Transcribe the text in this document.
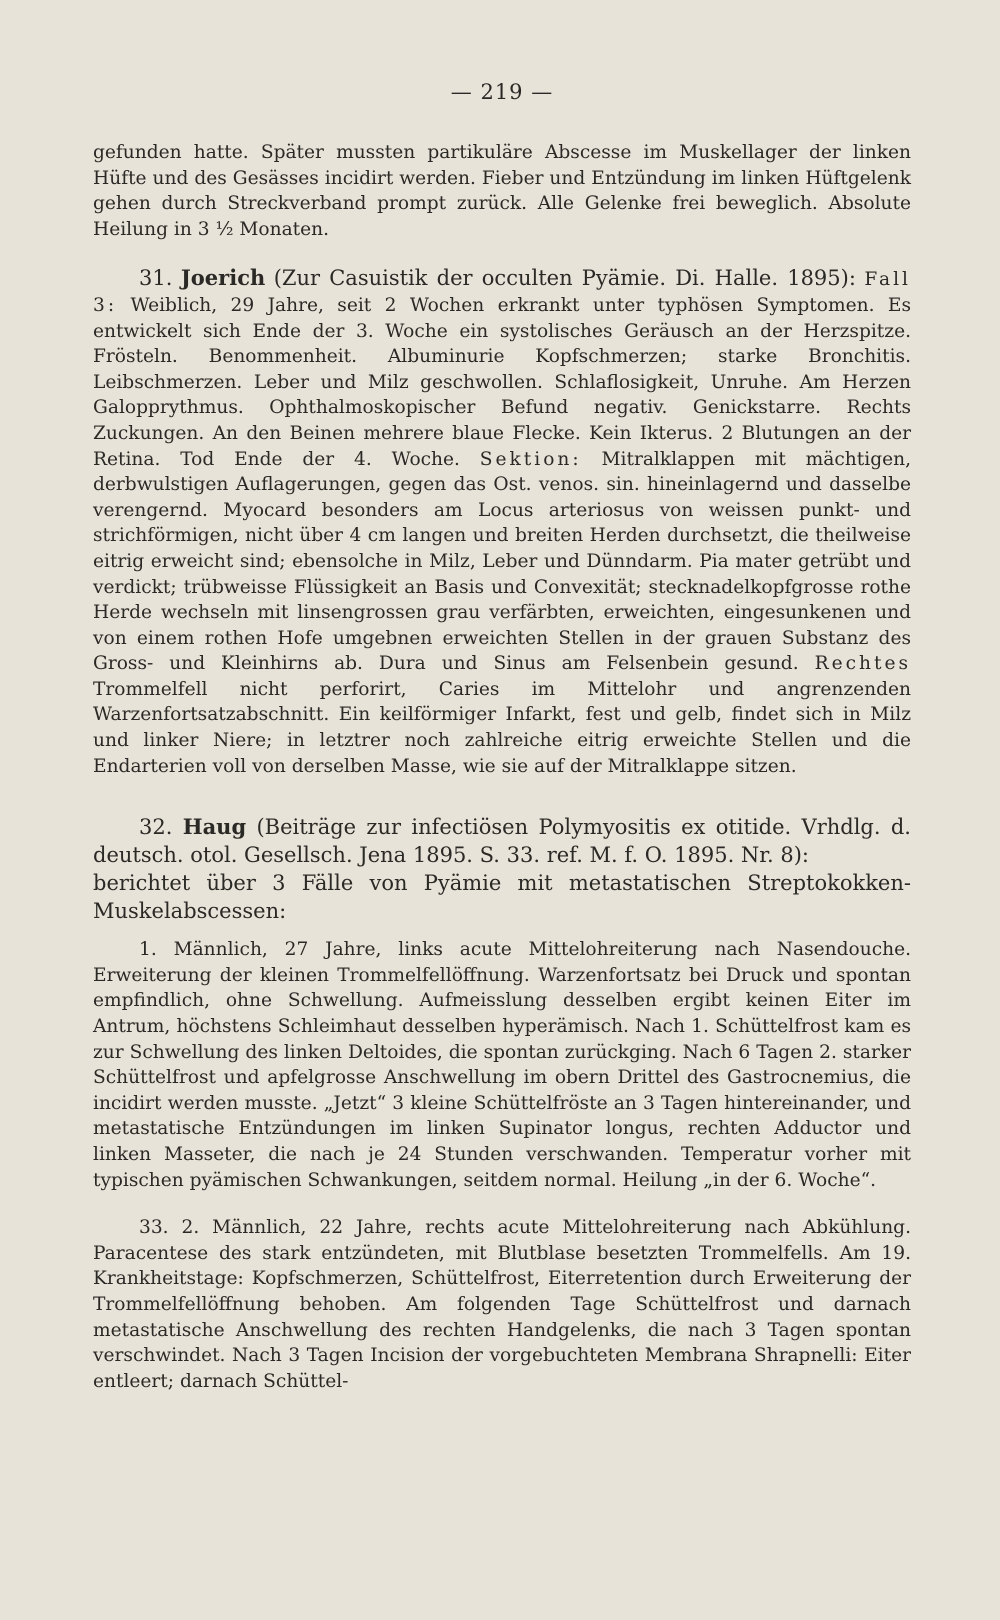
— 219 —

gefunden hatte. Später mussten partikuläre Abscesse im Muskellager der linken Hüfte und des Gesässes incidirt werden. Fieber und Entzündung im linken Hüftgelenk gehen durch Streckverband prompt zurück. Alle Gelenke frei beweglich. Absolute Heilung in 3 ½ Monaten.

31. Joerich (Zur Casuistik der occulten Pyämie. Di. Halle. 1895): Fall 3: Weiblich, 29 Jahre, seit 2 Wochen erkrankt unter typhösen Symptomen. Es entwickelt sich Ende der 3. Woche ein systolisches Geräusch an der Herzspitze. Frösteln. Benommenheit. Albuminurie Kopfschmerzen; starke Bronchitis. Leibschmerzen. Leber und Milz geschwollen. Schlaflosigkeit, Unruhe. Am Herzen Galopprythmus. Ophthalmoskopischer Befund negativ. Genickstarre. Rechts Zuckungen. An den Beinen mehrere blaue Flecke. Kein Ikterus. 2 Blutungen an der Retina. Tod Ende der 4. Woche. Sektion: Mitralklappen mit mächtigen, derbwulstigen Auflagerungen, gegen das Ost. venos. sin. hineinlagernd und dasselbe verengernd. Myocard besonders am Locus arteriosus von weissen punkt- und strichförmigen, nicht über 4 cm langen und breiten Herden durchsetzt, die theilweise eitrig erweicht sind; ebensolche in Milz, Leber und Dünndarm. Pia mater getrübt und verdickt; trübweisse Flüssigkeit an Basis und Convexität; stecknadelkopfgrosse rothe Herde wechseln mit linsengrossen grau verfärbten, erweichten, eingesunkenen und von einem rothen Hofe umgebnen erweichten Stellen in der grauen Substanz des Gross- und Kleinhirns ab. Dura und Sinus am Felsenbein gesund. Rechtes Trommelfell nicht perforirt, Caries im Mittelohr und angrenzenden Warzenfortsatzabschnitt. Ein keilförmiger Infarkt, fest und gelb, findet sich in Milz und linker Niere; in letztrer noch zahlreiche eitrig erweichte Stellen und die Endarterien voll von derselben Masse, wie sie auf der Mitralklappe sitzen.

32. Haug (Beiträge zur infectiösen Polymyositis ex otitide. Vrhdlg. d. deutsch. otol. Gesellsch. Jena 1895. S. 33. ref. M. f. O. 1895. Nr. 8):

berichtet über 3 Fälle von Pyämie mit metastatischen Streptokokken-Muskelabscessen:

1. Männlich, 27 Jahre, links acute Mittelohreiterung nach Nasendouche. Erweiterung der kleinen Trommelfellöffnung. Warzenfortsatz bei Druck und spontan empfindlich, ohne Schwellung. Aufmeisslung desselben ergibt keinen Eiter im Antrum, höchstens Schleimhaut desselben hyperämisch. Nach 1. Schüttelfrost kam es zur Schwellung des linken Deltoides, die spontan zurückging. Nach 6 Tagen 2. starker Schüttelfrost und apfelgrosse Anschwellung im obern Drittel des Gastrocnemius, die incidirt werden musste. „Jetzt“ 3 kleine Schüttelfröste an 3 Tagen hintereinander, und metastatische Entzündungen im linken Supinator longus, rechten Adductor und linken Masseter, die nach je 24 Stunden verschwanden. Temperatur vorher mit typischen pyämischen Schwankungen, seitdem normal. Heilung „in der 6. Woche“.

33. 2. Männlich, 22 Jahre, rechts acute Mittelohreiterung nach Abkühlung. Paracentese des stark entzündeten, mit Blutblase besetzten Trommelfells. Am 19. Krankheitstage: Kopfschmerzen, Schüttelfrost, Eiterretention durch Erweiterung der Trommelfellöffnung behoben. Am folgenden Tage Schüttelfrost und darnach metastatische Anschwellung des rechten Handgelenks, die nach 3 Tagen spontan verschwindet. Nach 3 Tagen Incision der vorgebuchteten Membrana Shrapnelli: Eiter entleert; darnach Schüttel-
